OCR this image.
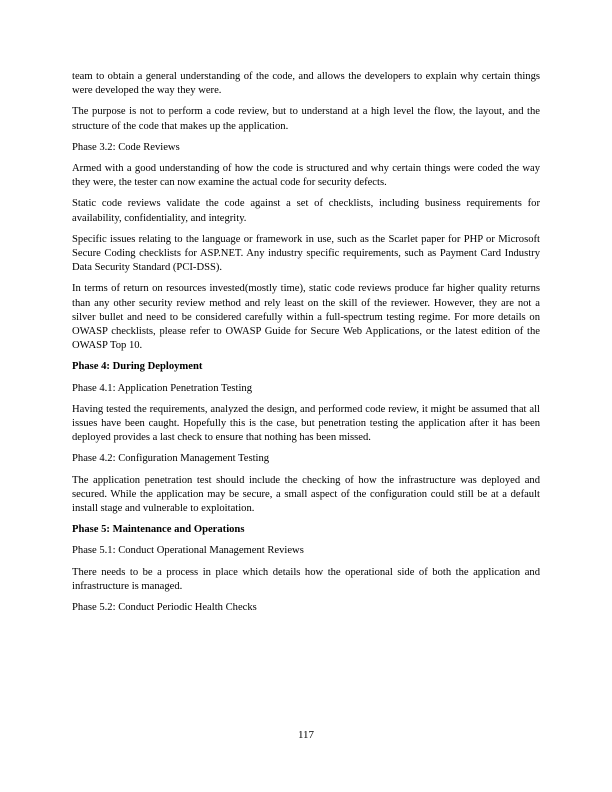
team to obtain a general understanding of the code, and allows the developers to explain why certain things were developed the way they were.

The purpose is not to perform a code review, but to understand at a high level the flow, the layout, and the structure of the code that makes up the application.

Phase 3.2: Code Reviews

Armed with a good understanding of how the code is structured and why certain things were coded the way they were, the tester can now examine the actual code for security defects.

Static code reviews validate the code against a set of checklists, including business requirements for availability, confidentiality, and integrity.

Specific issues relating to the language or framework in use, such as the Scarlet paper for PHP or Microsoft Secure Coding checklists for ASP.NET. Any industry specific requirements, such as Payment Card Industry Data Security Standard (PCI-DSS).

In terms of return on resources invested(mostly time), static code reviews produce far higher quality returns than any other security review method and rely least on the skill of the reviewer. However, they are not a silver bullet and need to be considered carefully within a full-spectrum testing regime. For more details on OWASP checklists, please refer to OWASP Guide for Secure Web Applications, or the latest edition of the OWASP Top 10.

Phase 4: During Deployment

Phase 4.1: Application Penetration Testing

Having tested the requirements, analyzed the design, and performed code review, it might be assumed that all issues have been caught. Hopefully this is the case, but penetration testing the application after it has been deployed provides a last check to ensure that nothing has been missed.

Phase 4.2: Configuration Management Testing

The application penetration test should include the checking of how the infrastructure was deployed and secured. While the application may be secure, a small aspect of the configuration could still be at a default install stage and vulnerable to exploitation.

Phase 5: Maintenance and Operations

Phase 5.1: Conduct Operational Management Reviews

There needs to be a process in place which details how the operational side of both the application and infrastructure is managed.

Phase 5.2: Conduct Periodic Health Checks

117
